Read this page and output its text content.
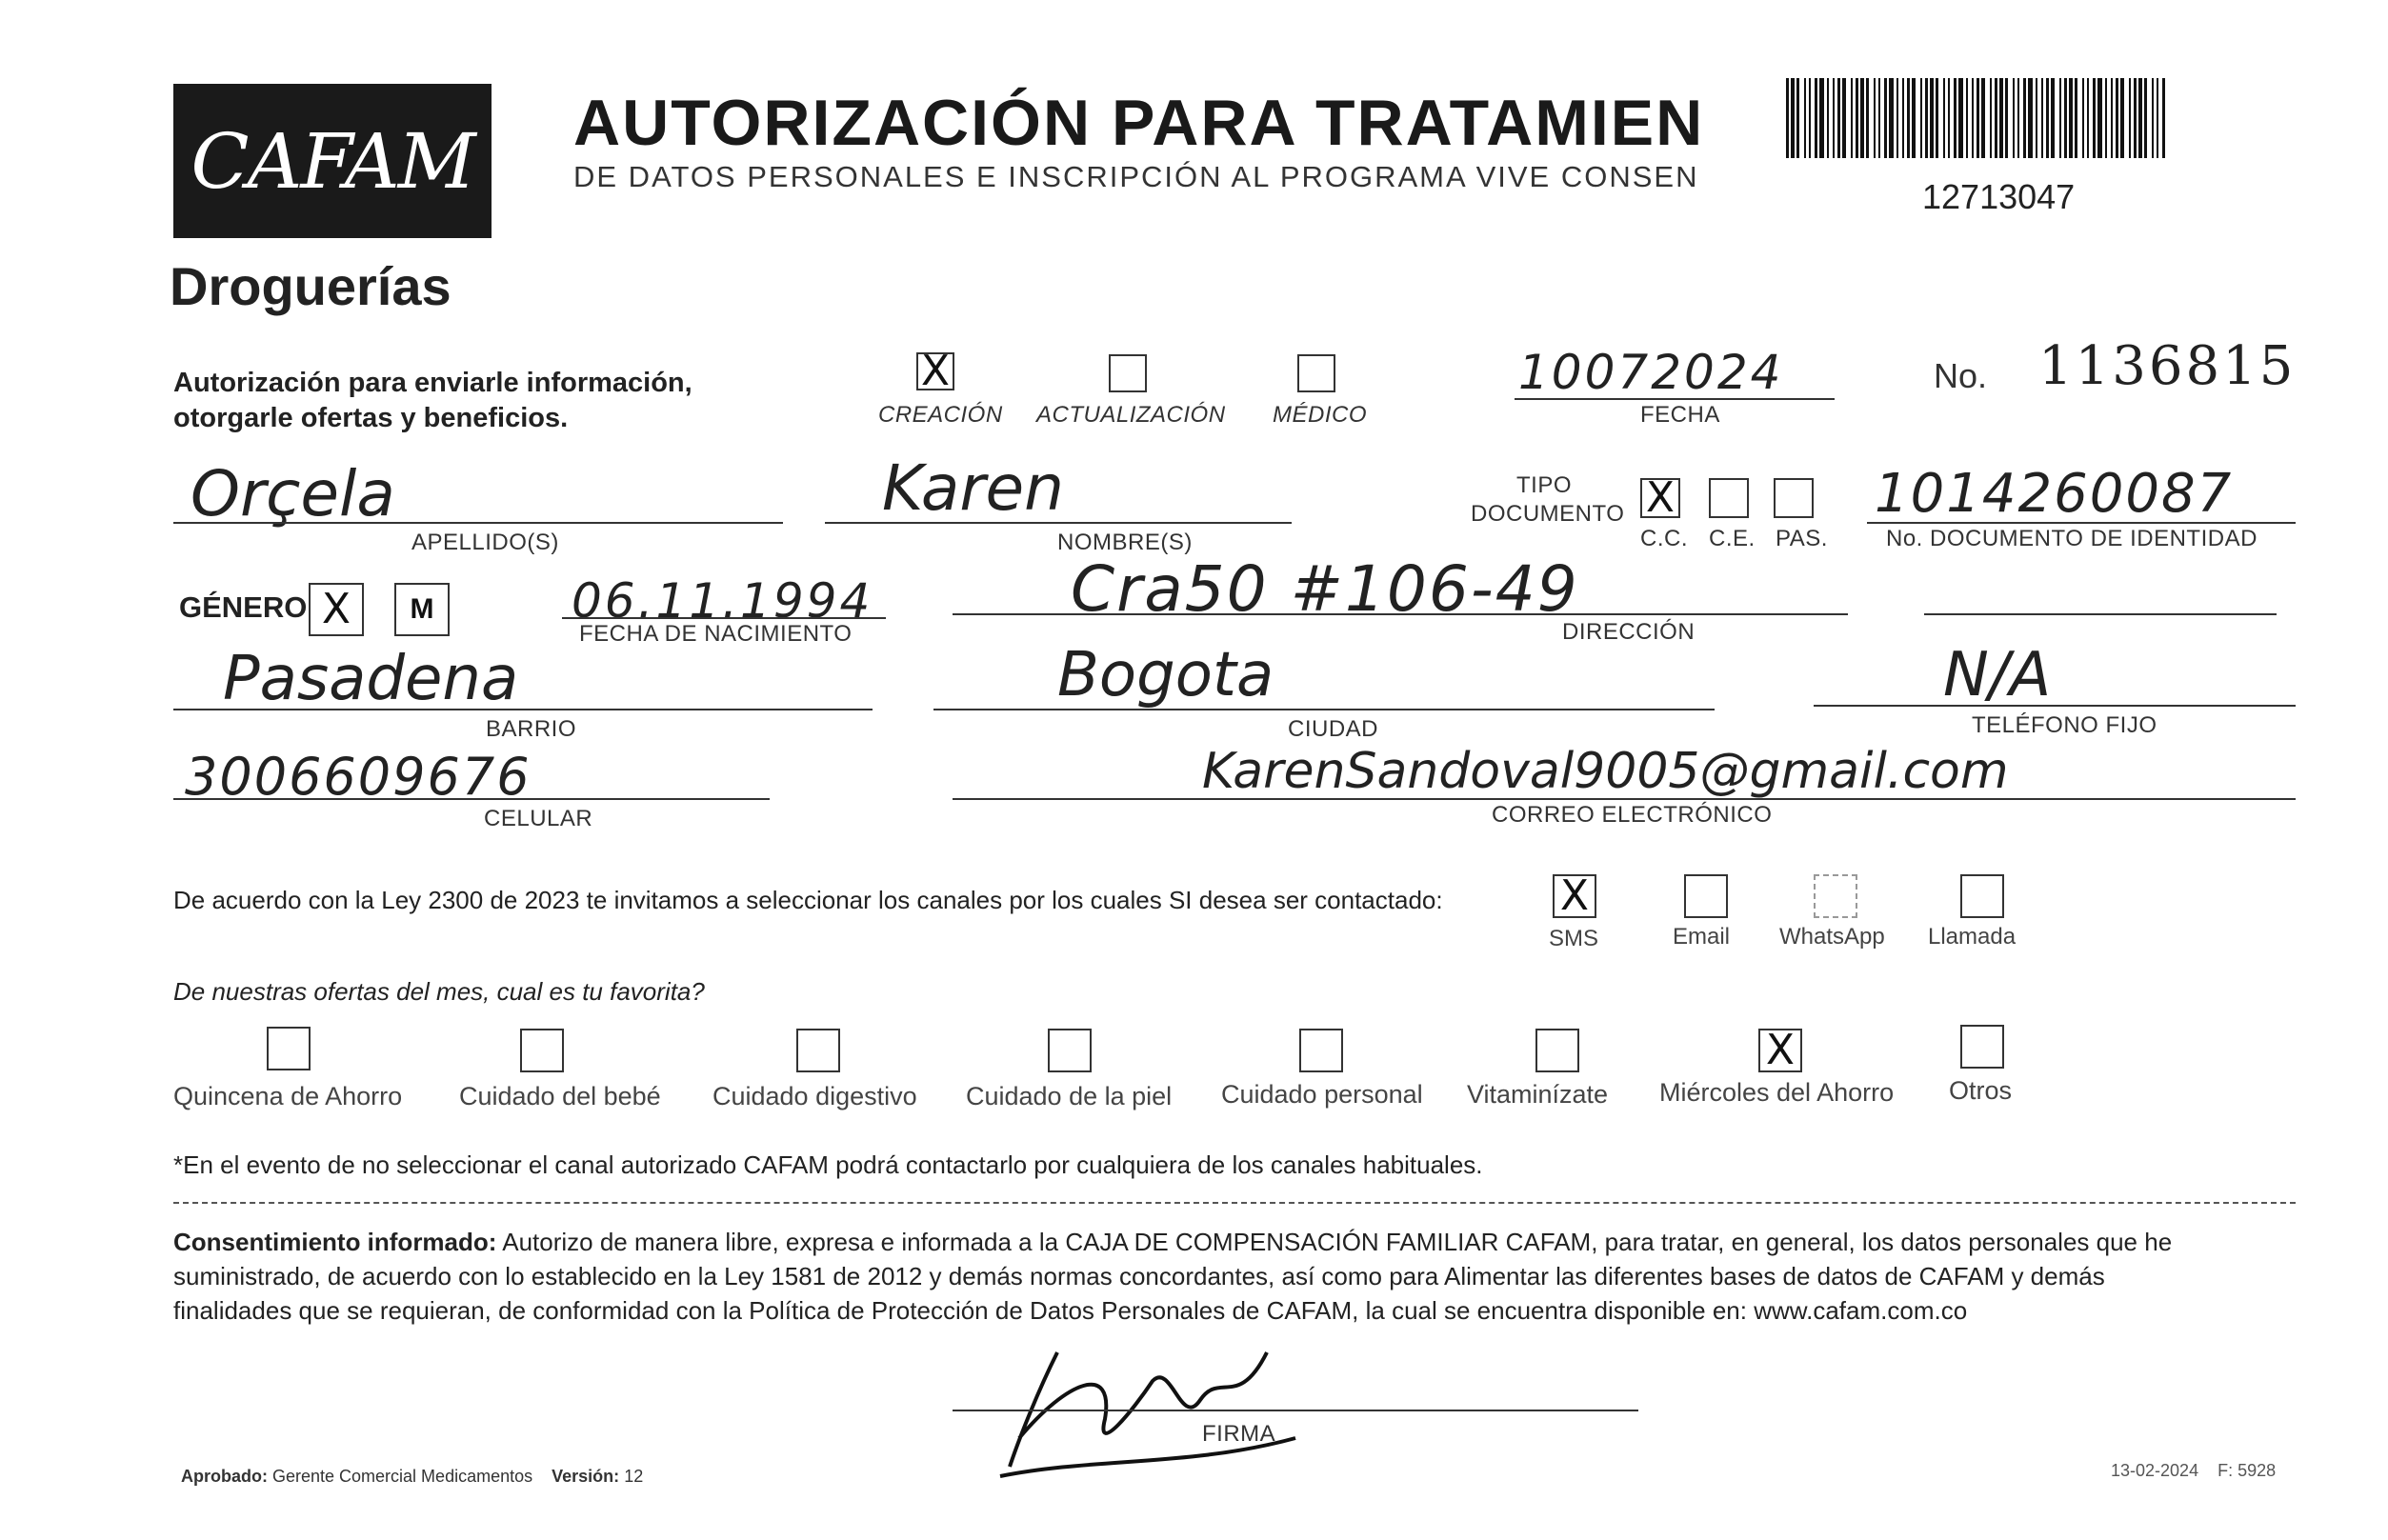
CAFAM
Droguerías
AUTORIZACIÓN PARA TRATAMIEN
DE DATOS PERSONALES E INSCRIPCIÓN AL PROGRAMA VIVE CONSEN
12713047
Autorización para enviarle información,
otorgarle ofertas y beneficios.
X
CREACIÓN ACTUALIZACIÓN MÉDICO
10072024
FECHA
No. 1136815
Orçela
APELLIDO(S)
Karen
NOMBRE(S)
TIPO
DOCUMENTO X
C.C. C.E. PAS.
1014260087
No. DOCUMENTO DE IDENTIDAD
GÉNERO X	M	06.11.1994
FECHA DE NACIMIENTO
Cra50 #106-49
DIRECCIÓN
Pasadena
BARRIO
Bogota
CIUDAD
N/A
TELÉFONO FIJO
3006609676
CELULAR
KarenSandoval9005@gmail.com
CORREO ELECTRÓNICO
De acuerdo con la Ley 2300 de 2023 te invitamos a seleccionar los canales por los cuales SI desea ser contactado:	X
SMS	Email WhatsApp Llamada
De nuestras ofertas del mes, cual es tu favorita?
Quincena de Ahorro Cuidado del bebé Cuidado digestivo Cuidado de la piel Cuidado personal Vitaminízate
X
Miércoles del Ahorro Otros
*En el evento de no seleccionar el canal autorizado CAFAM podrá contactarlo por cualquiera de los canales habituales.
Consentimiento informado: Autorizo de manera libre, expresa e informada a la CAJA DE COMPENSACIÓN FAMILIAR CAFAM, para tratar, en general, los datos personales que he
suministrado, de acuerdo con lo establecido en la Ley 1581 de 2012 y demás normas concordantes, así como para Alimentar las diferentes bases de datos de CAFAM y demás
finalidades que se requieran, de conformidad con la Política de Protección de Datos Personales de CAFAM, la cual se encuentra disponible en: www.cafam.com.co
FIRMA
Aprobado: Gerente Comercial Medicamentos Versión: 12	13-02-2024 F: 5928
